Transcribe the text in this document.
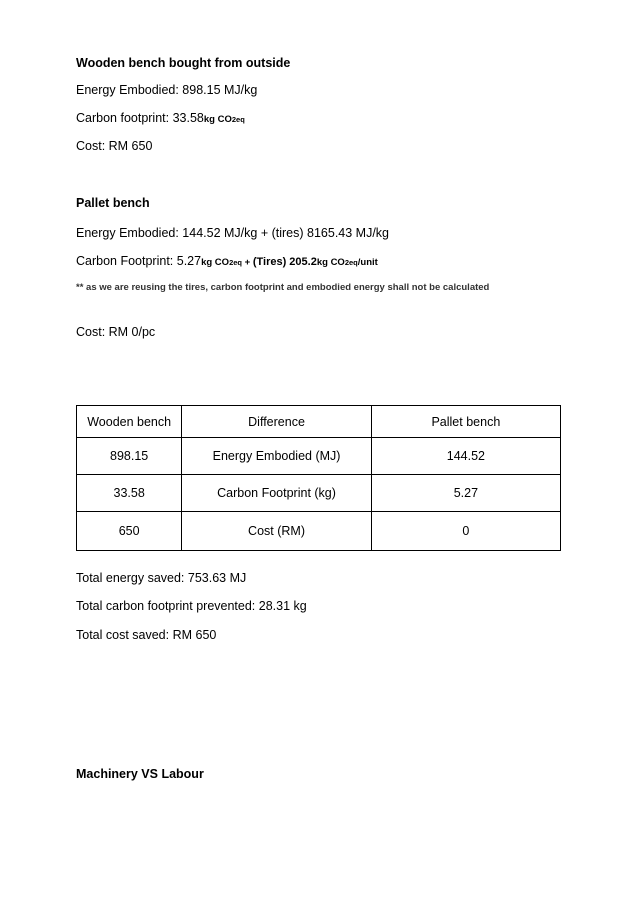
Wooden bench bought from outside
Energy Embodied: 898.15 MJ/kg
Carbon footprint: 33.58kg CO2eq
Cost: RM 650
Pallet bench
Energy Embodied: 144.52 MJ/kg + (tires) 8165.43 MJ/kg
Carbon Footprint: 5.27kg CO2eq + (Tires) 205.2kg CO2eq/unit
** as we are reusing the tires, carbon footprint and embodied energy shall not be calculated
Cost: RM 0/pc
Wooden bench	Difference	Pallet bench
898.15	Energy Embodied (MJ)	144.52
33.58	Carbon Footprint (kg)	5.27
650	Cost (RM)	0
Total energy saved: 753.63 MJ
Total carbon footprint prevented: 28.31 kg
Total cost saved: RM 650
Machinery VS Labour
